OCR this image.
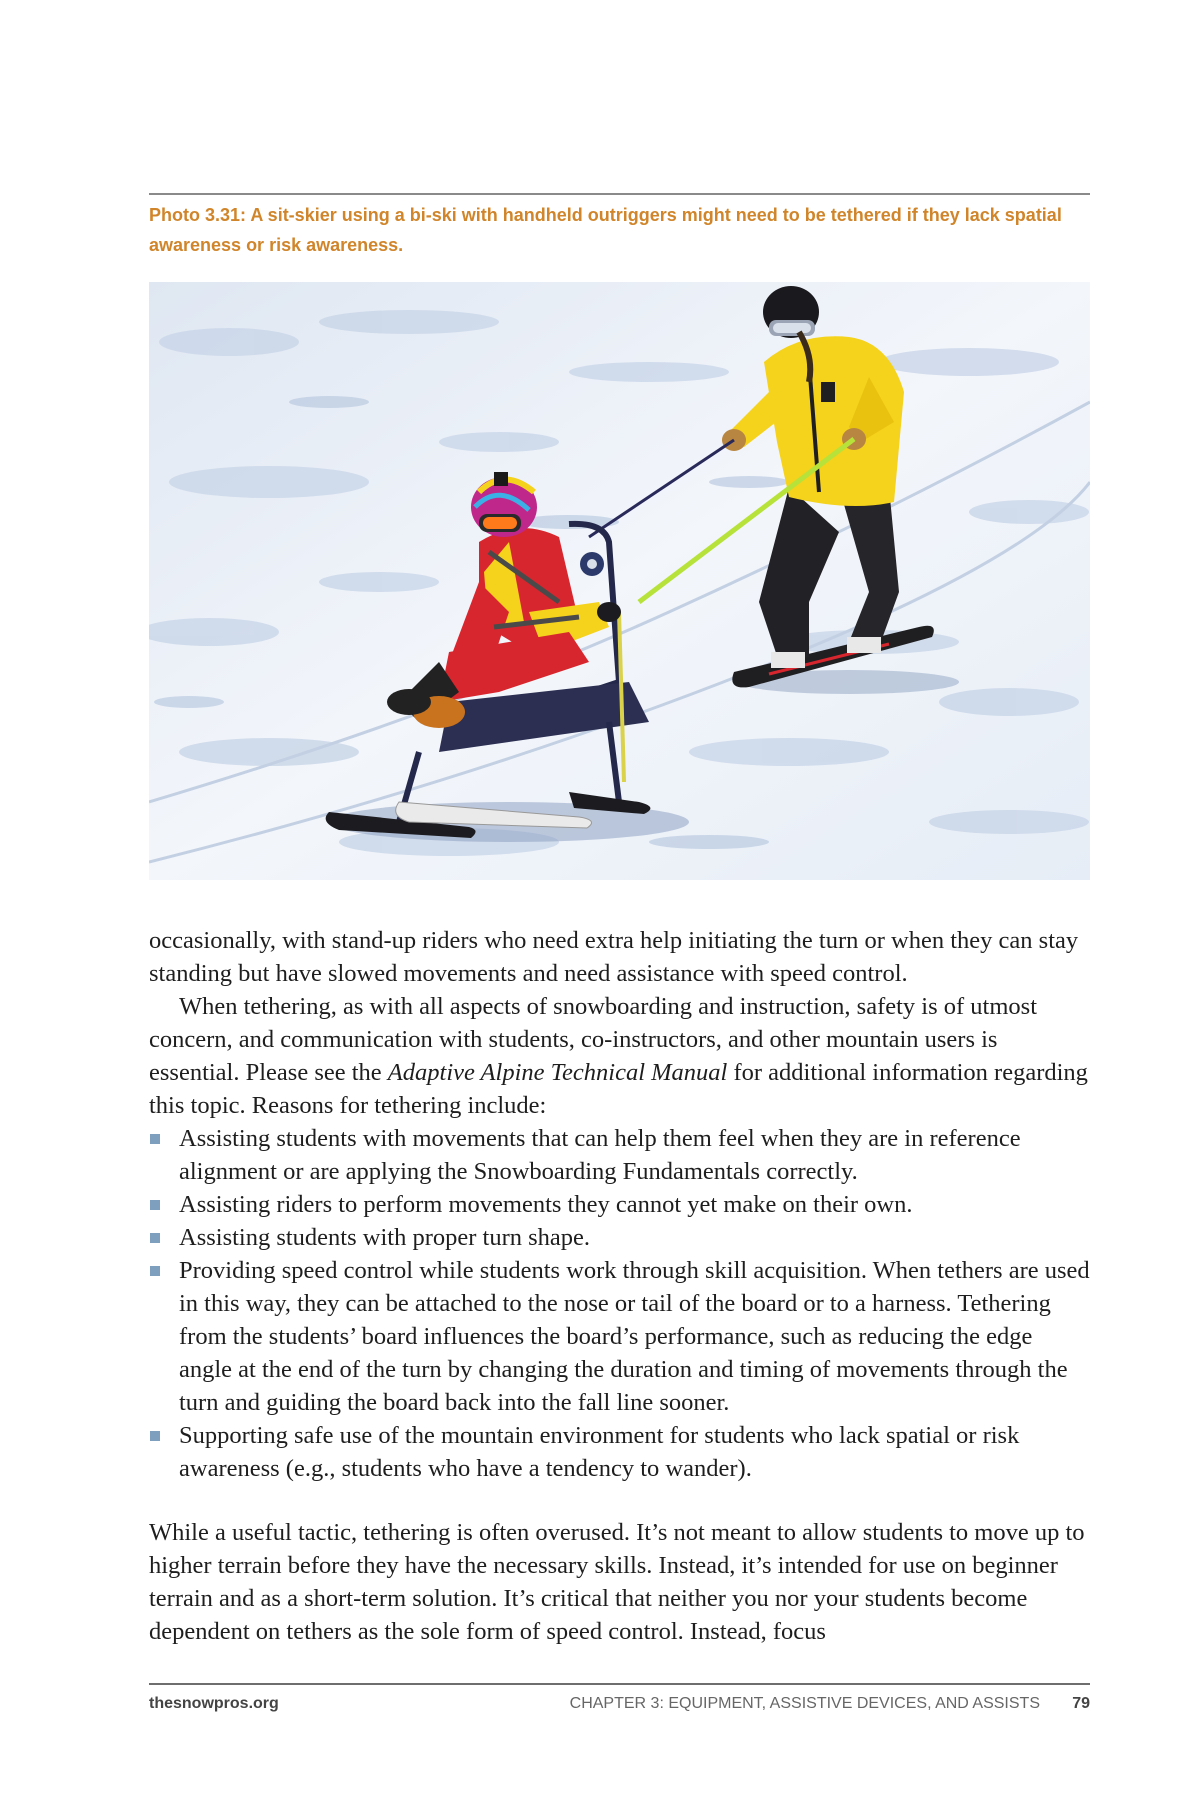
Photo 3.31: A sit-skier using a bi-ski with handheld outriggers might need to be tethered if they lack spatial awareness or risk awareness.

occasionally, with stand-up riders who need extra help initiating the turn or when they can stay standing but have slowed movements and need assistance with speed control.

When tethering, as with all aspects of snowboarding and instruction, safety is of utmost concern, and communication with students, co-instructors, and other mountain users is essential. Please see the Adaptive Alpine Technical Manual for additional information regarding this topic. Reasons for tethering include:

Assisting students with movements that can help them feel when they are in reference alignment or are applying the Snowboarding Fundamentals correctly.
Assisting riders to perform movements they cannot yet make on their own.
Assisting students with proper turn shape.
Providing speed control while students work through skill acquisition. When tethers are used in this way, they can be attached to the nose or tail of the board or to a harness. Tethering from the students’ board influences the board’s performance, such as reducing the edge angle at the end of the turn by changing the duration and timing of movements through the turn and guiding the board back into the fall line sooner.
Supporting safe use of the mountain environment for students who lack spatial or risk awareness (e.g., students who have a tendency to wander).

While a useful tactic, tethering is often overused. It’s not meant to allow students to move up to higher terrain before they have the necessary skills. Instead, it’s intended for use on beginner terrain and as a short-term solution. It’s critical that neither you nor your students become dependent on tethers as the sole form of speed control. Instead, focus

thesnowpros.org	CHAPTER 3: EQUIPMENT, ASSISTIVE DEVICES, AND ASSISTS 79
